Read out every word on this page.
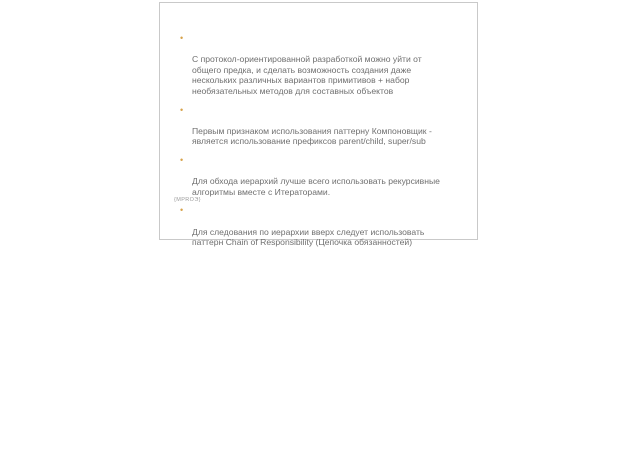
•

С протокол-ориентированной разработкой можно уйти от
общего предка, и сделать возможность создания даже
нескольких различных вариантов примитивов + набор
необязательных методов для составных объектов

•

Первым признаком использования паттерну Компоновщик -
является использование префиксов parent/child, super/sub

•

Для обхода иерархий лучше всего использовать рекурсивные
алгоритмы вместе с Итераторами.

•

Для следования по иерархии вверх следует использовать
паттерн Chain of Responsibility (Цепочка обязанностей)

{MPROЭ}
